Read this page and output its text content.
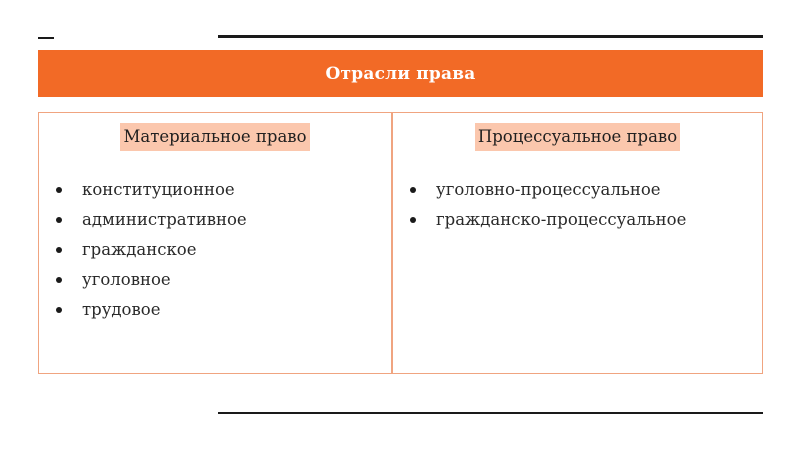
Отрасли права
Материальное право
конституционное
административное
гражданское
уголовное
трудовое
Процессуальное право
уголовно-процессуальное
гражданско-процессуальное
